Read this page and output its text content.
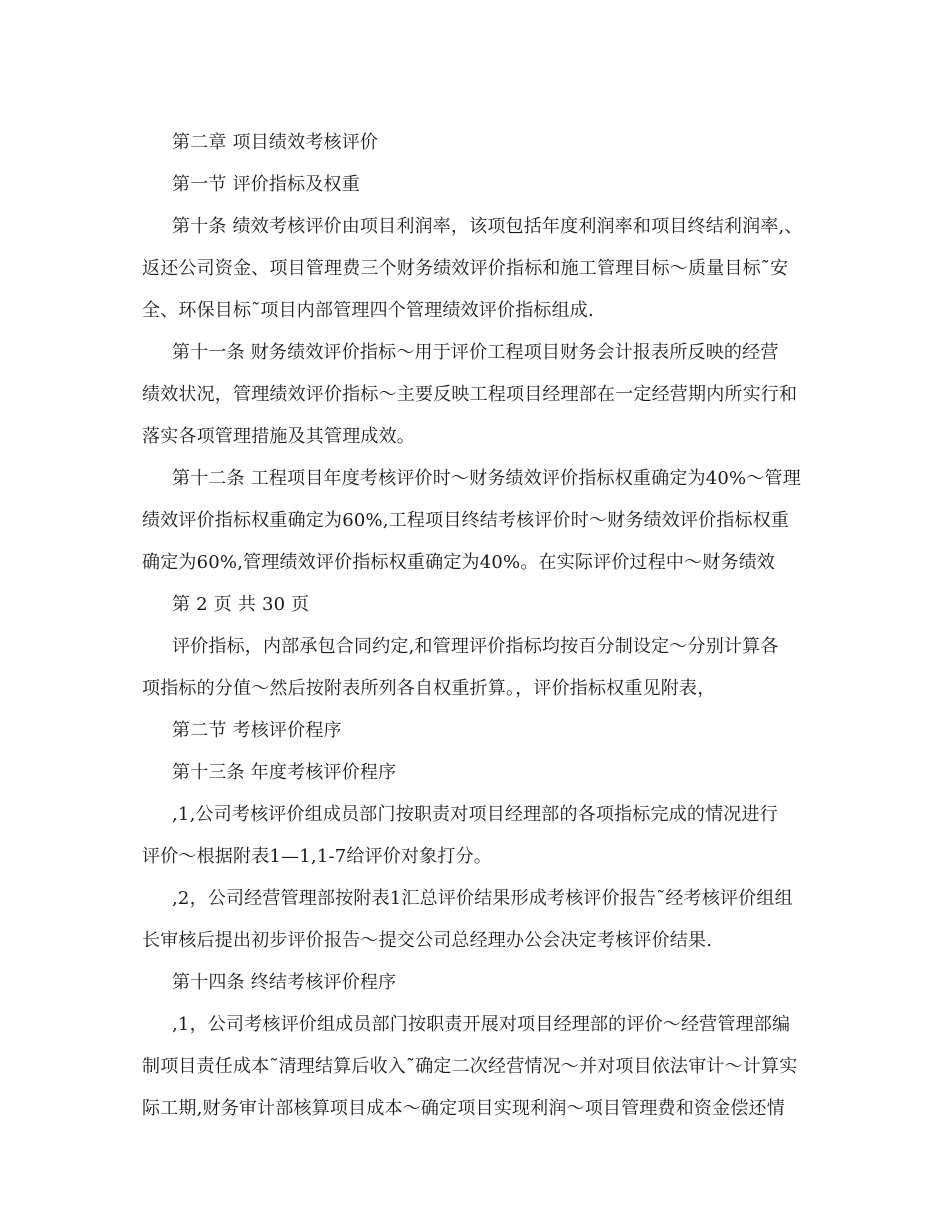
第二章 项目绩效考核评价
第一节 评价指标及权重
第十条 绩效考核评价由项目利润率，该项包括年度利润率和项目终结利润率,、
返还公司资金、项目管理费三个财务绩效评价指标和施工管理目标～质量目标˜安
全、环保目标˜项目内部管理四个管理绩效评价指标组成.
第十一条 财务绩效评价指标～用于评价工程项目财务会计报表所反映的经营
绩效状况，管理绩效评价指标～主要反映工程项目经理部在一定经营期内所实行和
落实各项管理措施及其管理成效。
第十二条 工程项目年度考核评价时～财务绩效评价指标权重确定为40%～管理
绩效评价指标权重确定为60%,工程项目终结考核评价时～财务绩效评价指标权重
确定为60%,管理绩效评价指标权重确定为40%。在实际评价过程中～财务绩效
第 2 页 共 30 页
评价指标，内部承包合同约定,和管理评价指标均按百分制设定～分别计算各
项指标的分值～然后按附表所列各自权重折算。，评价指标权重见附表，
第二节 考核评价程序
第十三条 年度考核评价程序
,1,公司考核评价组成员部门按职责对项目经理部的各项指标完成的情况进行
评价～根据附表1—1,1-7给评价对象打分。
,2，公司经营管理部按附表1汇总评价结果形成考核评价报告˜经考核评价组组
长审核后提出初步评价报告～提交公司总经理办公会决定考核评价结果.
第十四条 终结考核评价程序
,1，公司考核评价组成员部门按职责开展对项目经理部的评价～经营管理部编
制项目责任成本˜清理结算后收入˜确定二次经营情况～并对项目依法审计～计算实
际工期,财务审计部核算项目成本～确定项目实现利润～项目管理费和资金偿还情
